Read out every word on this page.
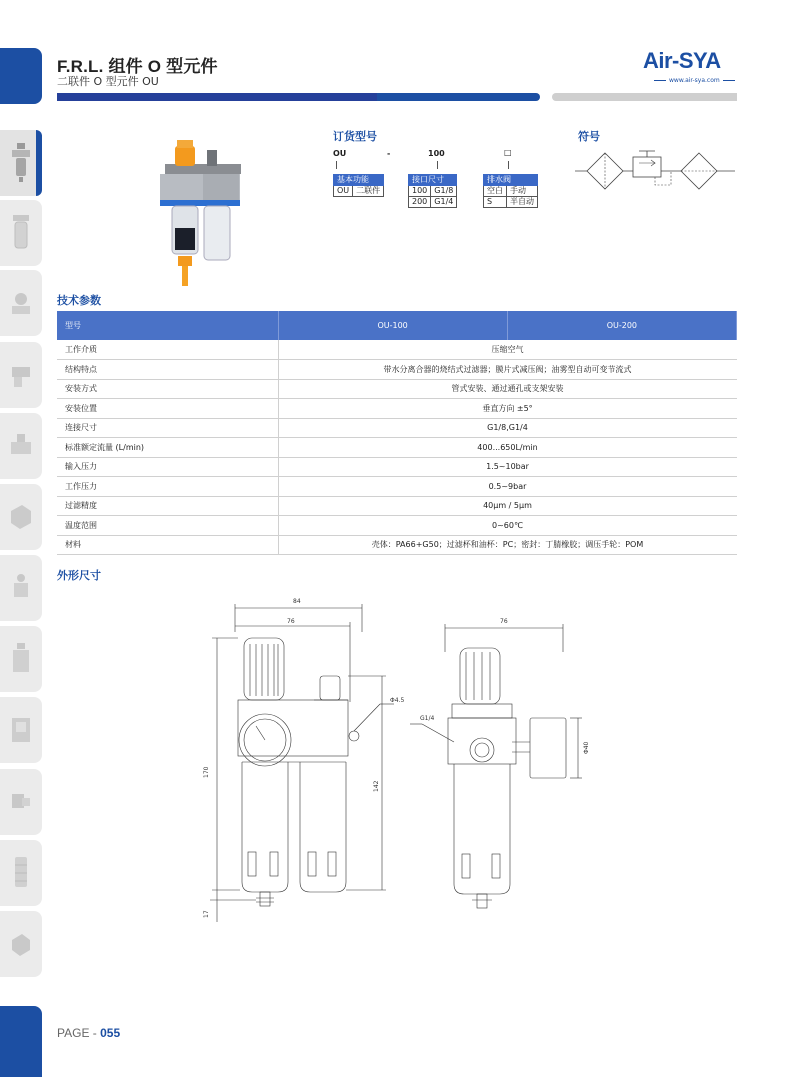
F.R.L. 组件 O 型元件
二联件 O 型元件 OU
Air-SYA
www.air-sya.com
订货型号
OU	-	100	□
基本功能
OU	二联件
接口尺寸	
100	G1/8
200	G1/4
排水阀	
空白	手动
S	半自动
符号
技术参数
型号	OU-100	OU-200
工作介质	压缩空气	
结构特点	带水分离合器的烧结式过滤器；膜片式减压阀；油雾型自动可变节流式	
安装方式	管式安装、通过通孔或支架安装	
安装位置	垂直方向 ±5°	
连接尺寸	G1/8,G1/4	
标准额定流量 (L/min)	400...650L/min	
输入压力	1.5~10bar	
工作压力	0.5~9bar	
过滤精度	40μm / 5μm	
温度范围	0~60℃	
材料	壳体：PA66+G50；过滤杯和油杯：PC；密封：丁腈橡胶；调压手轮：POM	
外形尺寸
84
76	76
170
142
17
Φ4.5
G1/4
Φ40
PAGE - 055
